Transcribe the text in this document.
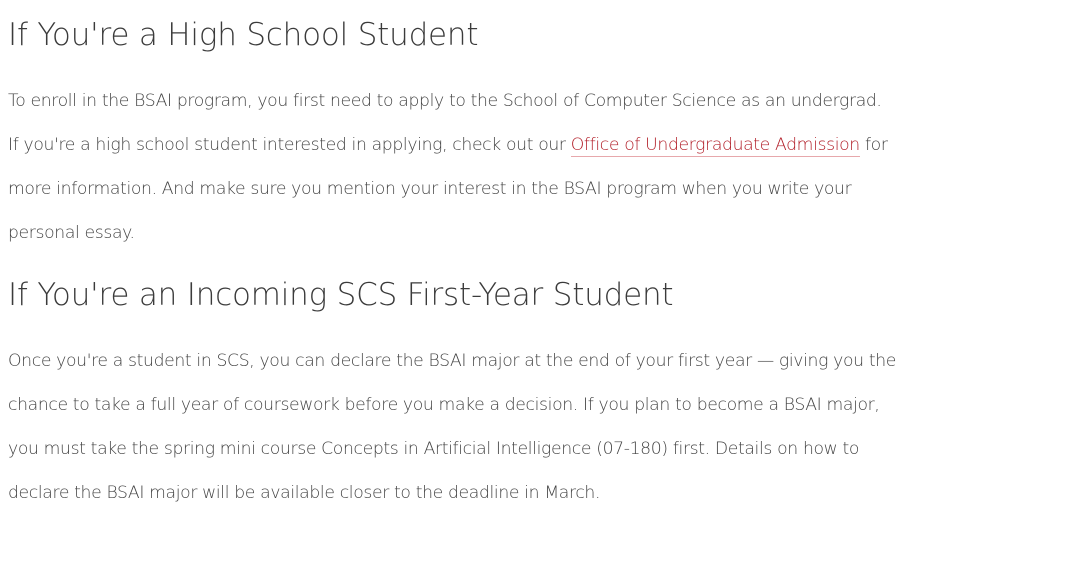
If You're a High School Student

To enroll in the BSAI program, you first need to apply to the School of Computer Science as an undergrad.
If you're a high school student interested in applying, check out our Office of Undergraduate Admission for
more information. And make sure you mention your interest in the BSAI program when you write your
personal essay.

If You're an Incoming SCS First-Year Student

Once you're a student in SCS, you can declare the BSAI major at the end of your first year — giving you the
chance to take a full year of coursework before you make a decision. If you plan to become a BSAI major,
you must take the spring mini course Concepts in Artificial Intelligence (07-180) first. Details on how to
declare the BSAI major will be available closer to the deadline in March.
